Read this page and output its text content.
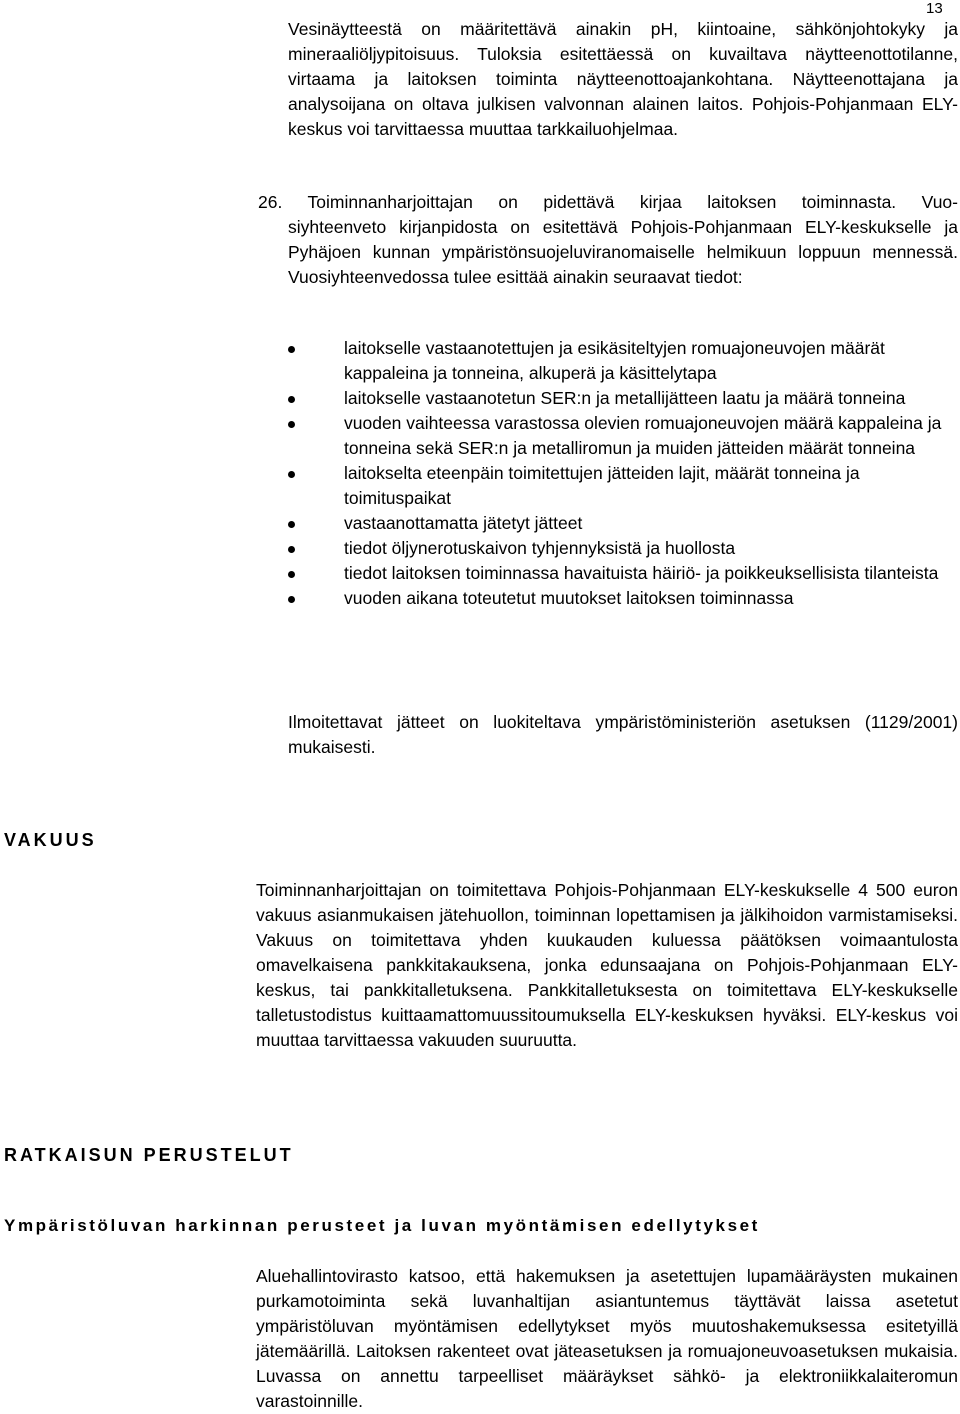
13

Vesinäytteestä on määritettävä ainakin pH, kiintoaine, sähkönjohtokyky ja mineraaliöljypitoisuus. Tuloksia esitettäessä on kuvailtava näytteenottotilanne, virtaama ja laitoksen toiminta näytteenottoajankohtana. Näytteenottajana ja analysoijana on oltava julkisen valvonnan alainen laitos. Pohjois-Pohjanmaan ELY-keskus voi tarvittaessa muuttaa tarkkailuohjelmaa.

26. Toiminnanharjoittajan on pidettävä kirjaa laitoksen toiminnasta. Vuo-

siyhteenveto kirjanpidosta on esitettävä Pohjois-Pohjanmaan ELY-keskukselle ja Pyhäjoen kunnan ympäristönsuojeluviranomaiselle helmikuun loppuun mennessä. Vuosiyhteenvedossa tulee esittää ainakin seuraavat tiedot:

laitokselle vastaanotettujen ja esikäsiteltyjen romuajoneuvojen määrät kappaleina ja tonneina, alkuperä ja käsittelytapa
laitokselle vastaanotetun SER:n ja metallijätteen laatu ja määrä tonneina
vuoden vaihteessa varastossa olevien romuajoneuvojen määrä kappaleina ja tonneina sekä SER:n ja metalliromun ja muiden jätteiden määrät tonneina
laitokselta eteenpäin toimitettujen jätteiden lajit, määrät tonneina ja toimituspaikat
vastaanottamatta jätetyt jätteet
tiedot öljynerotuskaivon tyhjennyksistä ja huollosta
tiedot laitoksen toiminnassa havaituista häiriö- ja poikkeuksellisista tilanteista
vuoden aikana toteutetut muutokset laitoksen toiminnassa

Ilmoitettavat jätteet on luokiteltava ympäristöministeriön asetuksen (1129/2001) mukaisesti.

VAKUUS

Toiminnanharjoittajan on toimitettava Pohjois-Pohjanmaan ELY-keskukselle 4 500 euron vakuus asianmukaisen jätehuollon, toiminnan lopettamisen ja jälkihoidon varmistamiseksi. Vakuus on toimitettava yhden kuukauden kuluessa päätöksen voimaantulosta omavelkaisena pankkitakauksena, jonka edunsaajana on Pohjois-Pohjanmaan ELY-keskus, tai pankkitalletuksena. Pankkitalletuksesta on toimitettava ELY-keskukselle talletustodistus kuittaamattomuussitoumuksella ELY-keskuksen hyväksi. ELY-keskus voi muuttaa tarvittaessa vakuuden suuruutta.

RATKAISUN PERUSTELUT
Ympäristöluvan harkinnan perusteet ja luvan myöntämisen edellytykset

Aluehallintovirasto katsoo, että hakemuksen ja asetettujen lupamääräysten mukainen purkamotoiminta sekä luvanhaltijan asiantuntemus täyttävät laissa asetetut ympäristöluvan myöntämisen edellytykset myös muutoshakemuksessa esitetyillä jätemäärillä. Laitoksen rakenteet ovat jäteasetuksen ja romuajoneuvoasetuksen mukaisia. Luvassa on annettu tarpeelliset määräykset sähkö- ja elektroniikkalaiteromun varastoinnille.
